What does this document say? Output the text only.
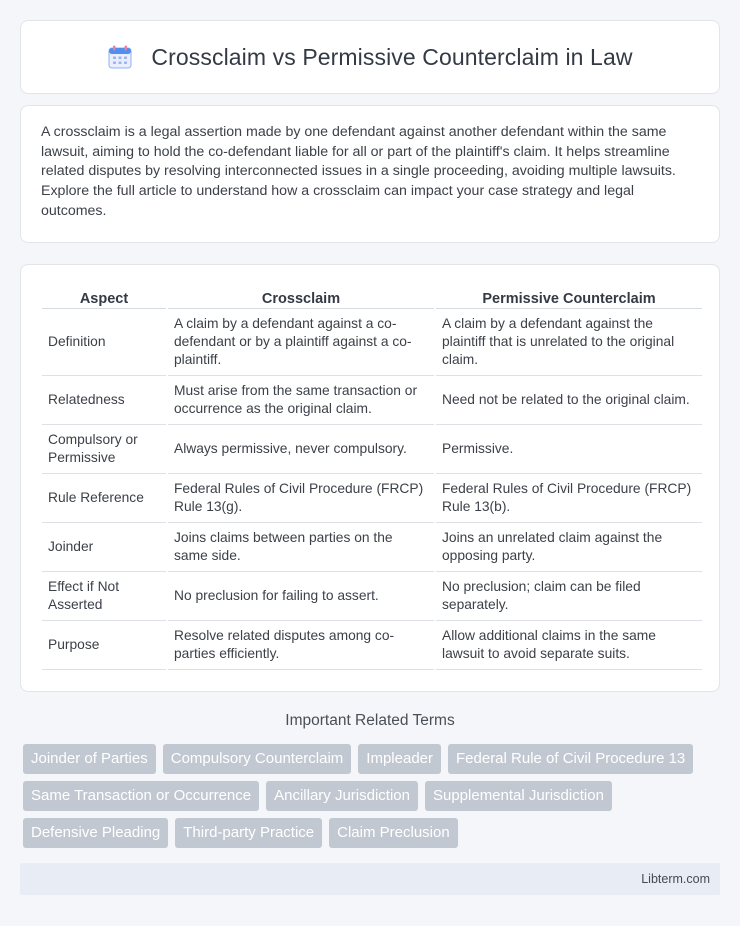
Crossclaim vs Permissive Counterclaim in Law

A crossclaim is a legal assertion made by one defendant against another defendant within the same lawsuit, aiming to hold the co-defendant liable for all or part of the plaintiff's claim. It helps streamline related disputes by resolving interconnected issues in a single proceeding, avoiding multiple lawsuits. Explore the full article to understand how a crossclaim can impact your case strategy and legal outcomes.

Aspect	Crossclaim	Permissive Counterclaim
Definition	A claim by a defendant against a co-defendant or by a plaintiff against a co-plaintiff.	A claim by a defendant against the plaintiff that is unrelated to the original claim.
Relatedness	Must arise from the same transaction or occurrence as the original claim.	Need not be related to the original claim.
Compulsory or Permissive	Always permissive, never compulsory.	Permissive.
Rule Reference	Federal Rules of Civil Procedure (FRCP) Rule 13(g).	Federal Rules of Civil Procedure (FRCP) Rule 13(b).
Joinder	Joins claims between parties on the same side.	Joins an unrelated claim against the opposing party.
Effect if Not Asserted	No preclusion for failing to assert.	No preclusion; claim can be filed separately.
Purpose	Resolve related disputes among co-parties efficiently.	Allow additional claims in the same lawsuit to avoid separate suits.
Important Related Terms
Joinder of Parties	Compulsory Counterclaim	Impleader	Federal Rule of Civil Procedure 13
Same Transaction or Occurrence	Ancillary Jurisdiction	Supplemental Jurisdiction
Defensive Pleading	Third-party Practice	Claim Preclusion
Libterm.com
